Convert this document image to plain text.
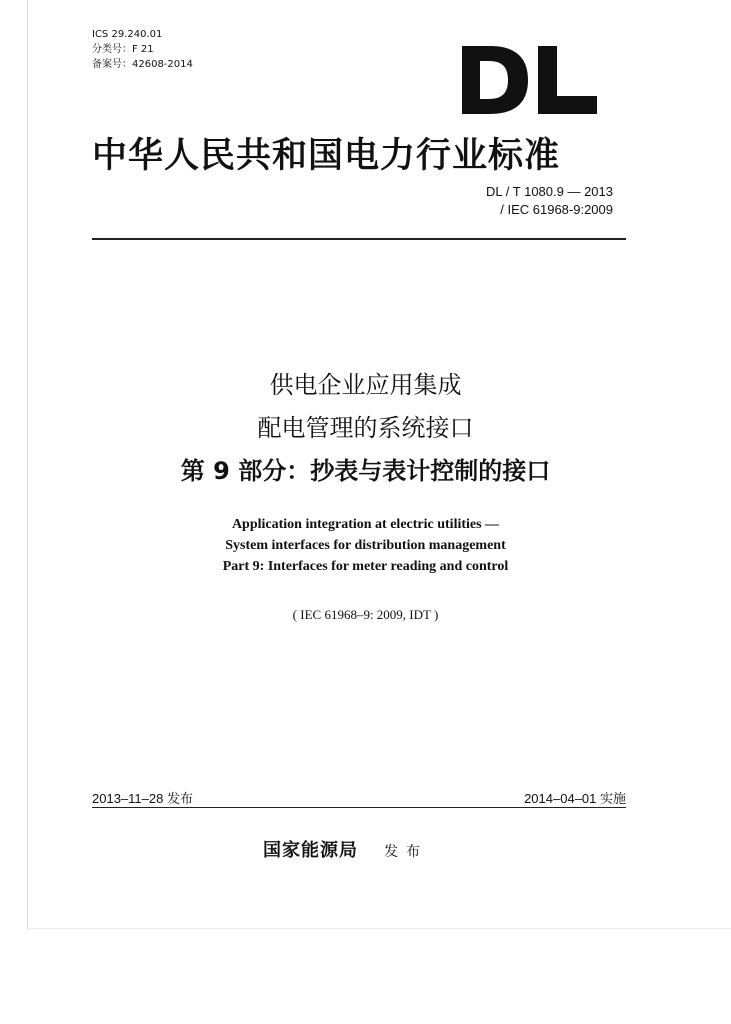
ICS 29.240.01
分类号：F 21
备案号：42608-2014
中华人民共和国电力行业标准
DL / T 1080.9 — 2013
/ IEC 61968-9:2009
供电企业应用集成
配电管理的系统接口
第 9 部分：抄表与表计控制的接口
Application integration at electric utilities —
System interfaces for distribution management
Part 9: Interfaces for meter reading and control
( IEC 61968–9: 2009, IDT )
2013–11–28 发布	2014–04–01 实施
国家能源局 发布
